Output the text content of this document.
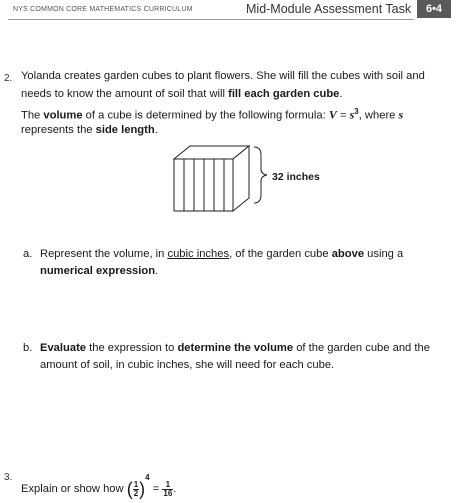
NYS COMMON CORE MATHEMATICS CURRICULUM	Mid-Module Assessment Task	6•4
2. Yolanda creates garden cubes to plant flowers. She will fill the cubes with soil and
needs to know the amount of soil that will fill each garden cube.
The volume of a cube is determined by the following formula: $V = s^3$, where s
represents the side length.
32 inches
a. Represent the volume, in cubic inches, of the garden cube above using a
numerical expression.
b. Evaluate the expression to determine the volume of the garden cube and the
amount of soil, in cubic inches, she will need for each cube.
3.
Explain or show how ( $\frac{1}{2} )^4 = \frac{1}{16}$ .
